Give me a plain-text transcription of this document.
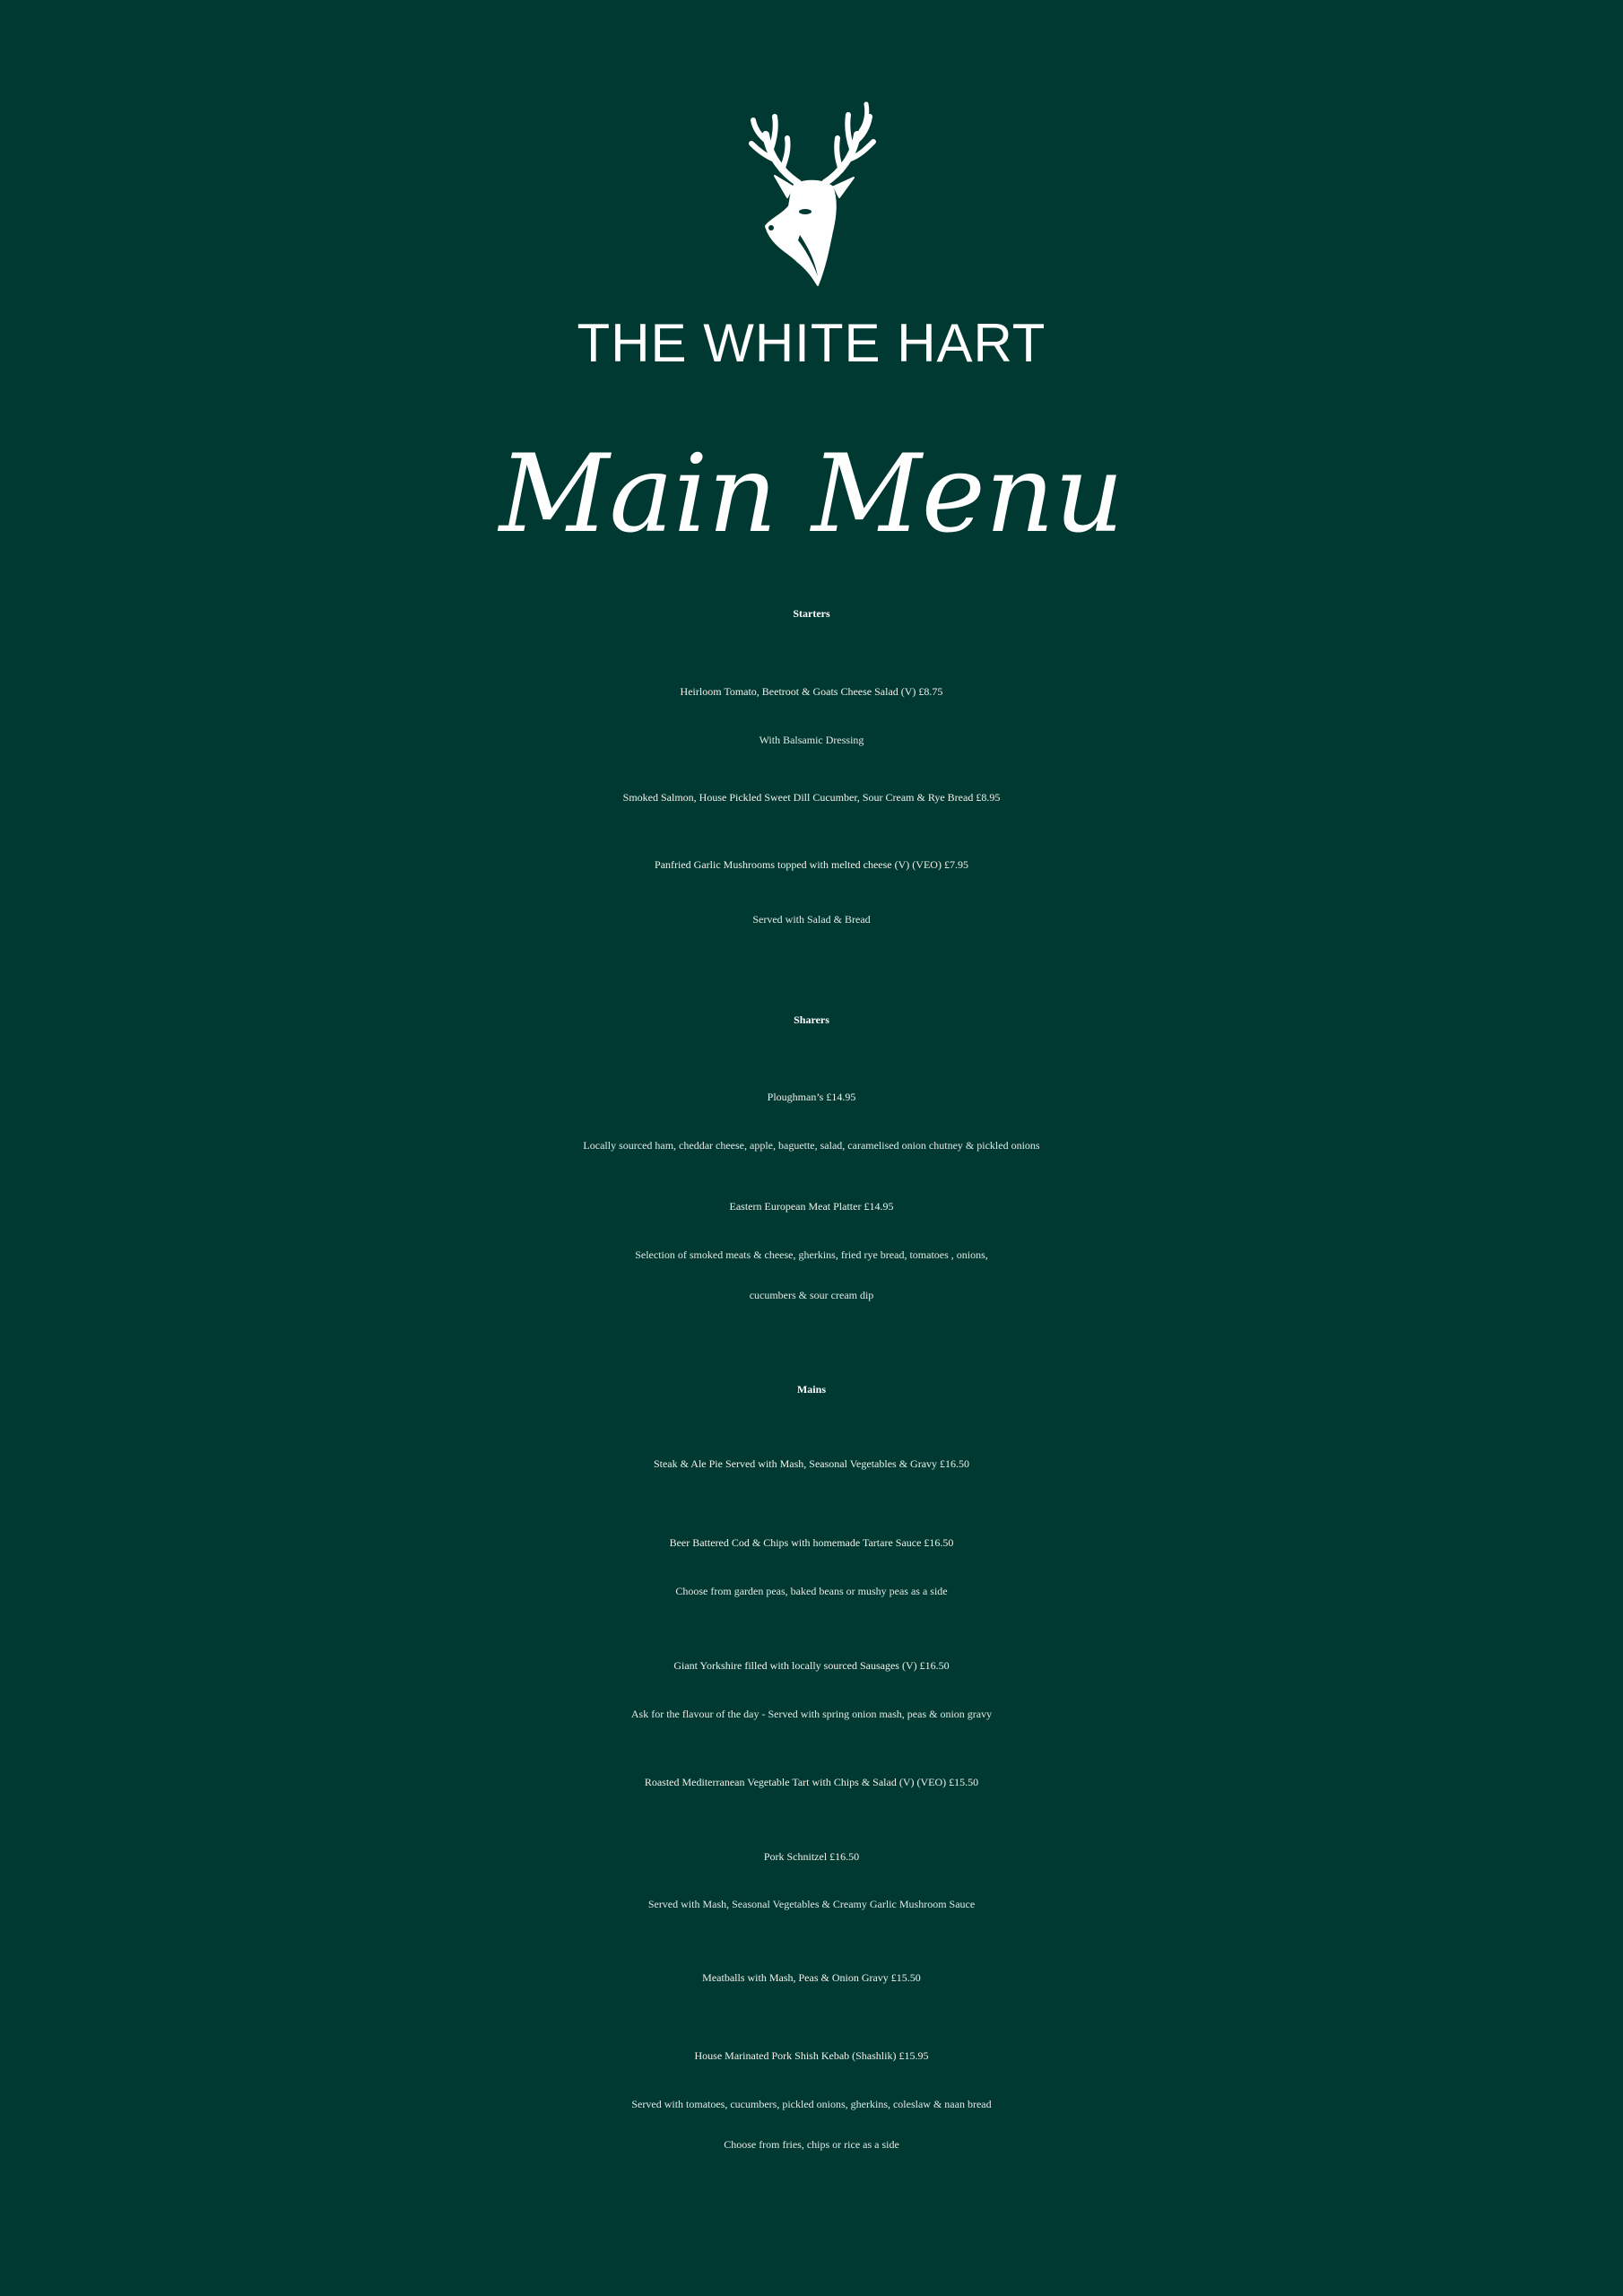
THE WHITE HART
Main Menu
Starters
Heirloom Tomato, Beetroot & Goats Cheese Salad (V) £8.75
With Balsamic Dressing
Smoked Salmon, House Pickled Sweet Dill Cucumber, Sour Cream & Rye Bread £8.95
Panfried Garlic Mushrooms topped with melted cheese (V) (VEO) £7.95
Served with Salad & Bread
Sharers
Ploughman’s £14.95
Locally sourced ham, cheddar cheese, apple, baguette, salad, caramelised onion chutney & pickled onions
Eastern European Meat Platter £14.95
Selection of smoked meats & cheese, gherkins, fried rye bread, tomatoes , onions,
cucumbers & sour cream dip
Mains
Steak & Ale Pie Served with Mash, Seasonal Vegetables & Gravy £16.50
Beer Battered Cod & Chips with homemade Tartare Sauce £16.50
Choose from garden peas, baked beans or mushy peas as a side
Giant Yorkshire filled with locally sourced Sausages (V) £16.50
Ask for the flavour of the day - Served with spring onion mash, peas & onion gravy
Roasted Mediterranean Vegetable Tart with Chips & Salad (V) (VEO) £15.50
Pork Schnitzel £16.50
Served with Mash, Seasonal Vegetables & Creamy Garlic Mushroom Sauce
Meatballs with Mash, Peas & Onion Gravy £15.50
House Marinated Pork Shish Kebab (Shashlik) £15.95
Served with tomatoes, cucumbers, pickled onions, gherkins, coleslaw & naan bread
Choose from fries, chips or rice as a side
